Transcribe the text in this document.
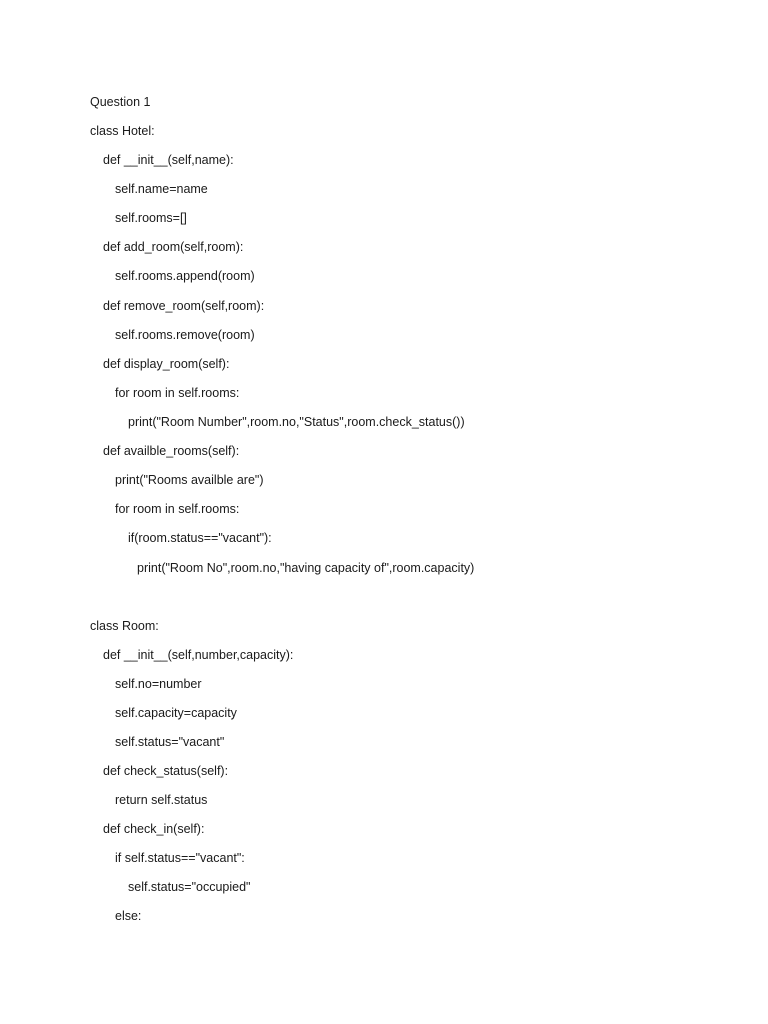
Question 1
class Hotel:
def __init__(self,name):
self.name=name
self.rooms=[]
def add_room(self,room):
self.rooms.append(room)
def remove_room(self,room):
self.rooms.remove(room)
def display_room(self):
for room in self.rooms:
print("Room Number",room.no,"Status",room.check_status())
def availble_rooms(self):
print("Rooms availble are")
for room in self.rooms:
if(room.status=="vacant"):
print("Room No",room.no,"having capacity of",room.capacity)
class Room:
def __init__(self,number,capacity):
self.no=number
self.capacity=capacity
self.status="vacant"
def check_status(self):
return self.status
def check_in(self):
if self.status=="vacant":
self.status="occupied"
else:
